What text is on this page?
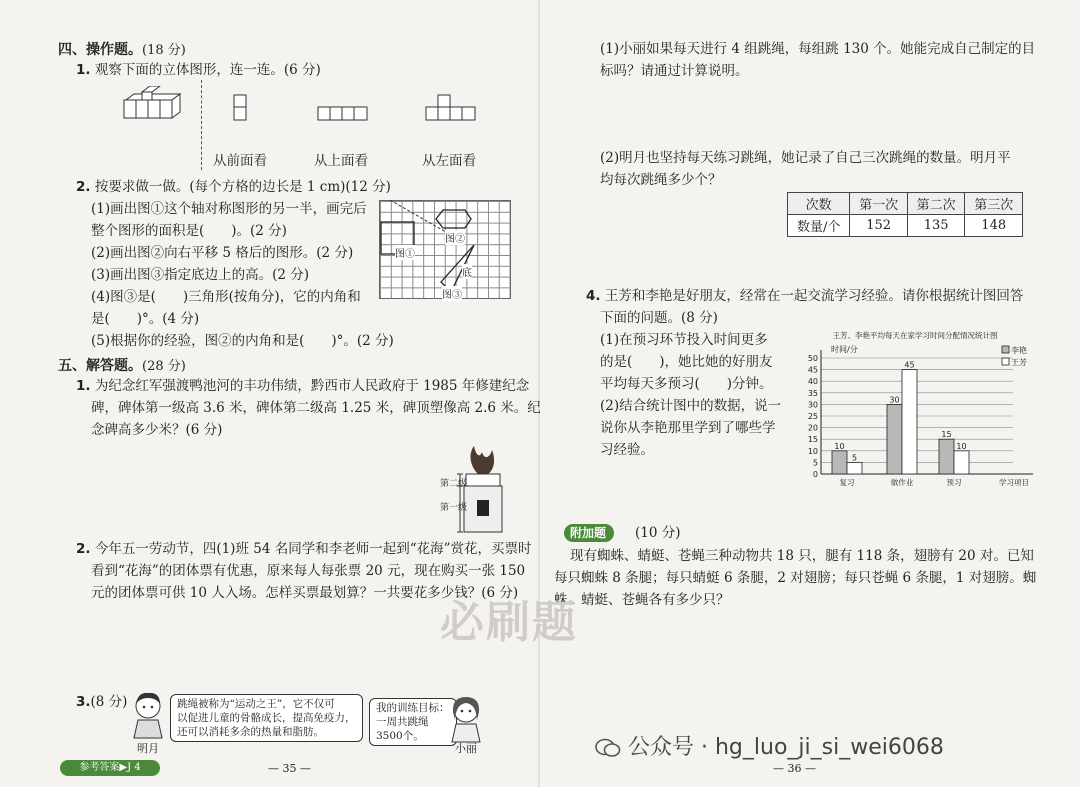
四、操作题。(18 分)
1. 观察下面的立体图形，连一连。(6 分)
从前面看	从上面看	从左面看
2. 按要求做一做。(每个方格的边长是 1 cm)(12 分)
(1)画出图①这个轴对称图形的另一半，画完后
整个图形的面积是(　　)。(2 分)
(2)画出图②向右平移 5 格后的图形。(2 分)
(3)画出图③指定底边上的高。(2 分)
(4)图③是(　　)三角形(按角分)，它的内角和
是(　　)°。(4 分)
(5)根据你的经验，图②的内角和是(　　)°。(2 分)
图①
图②
图③
底
五、解答题。(28 分)
1. 为纪念红军强渡鸭池河的丰功伟绩，黔西市人民政府于 1985 年修建纪念
碑，碑体第一级高 3.6 米，碑体第二级高 1.25 米，碑顶塑像高 2.6 米。纪
念碑高多少米？(6 分)
第二级
第一级
2. 今年五一劳动节，四(1)班 54 名同学和李老师一起到“花海”赏花，买票时
看到“花海”的团体票有优惠，原来每人每张票 20 元，现在购买一张 150
元的团体票可供 10 人入场。怎样买票最划算？一共要花多少钱？(6 分)
3.(8 分)	跳绳被称为“运动之王”，它不仅可
以促进儿童的骨骼成长，提高免疫力，
还可以消耗多余的热量和脂肪。
我的训练目标：
一周共跳绳
3500个。
明月	小丽
参考答案▶J 4	— 35 —
(1)小丽如果每天进行 4 组跳绳，每组跳 130 个。她能完成自己制定的目
标吗？请通过计算说明。
(2)明月也坚持每天练习跳绳，她记录了自己三次跳绳的数量。明月平
均每次跳绳多少个？
次数	第一次	第二次	第三次
数量/个	152	135	148
4. 王芳和李艳是好朋友，经常在一起交流学习经验。请你根据统计图回答
下面的问题。(8 分)
(1)在预习环节投入时间更多
的是(　　)，她比她的好朋友
平均每天多预习(　　)分钟。
(2)结合统计图中的数据，说一
说你从李艳那里学到了哪些学
习经验。
王芳、李艳平均每天在家学习时间分配情况统计图
时间/分
0
5
10
15
20
25
30
35
40
45
50
学习项目
10
5
复习
30
45
做作业
15
10
预习
李艳
王芳
附加题	(10 分)
现有蜘蛛、蜻蜓、苍蝇三种动物共 18 只，腿有 118 条，翅膀有 20 对。已知
每只蜘蛛 8 条腿；每只蜻蜓 6 条腿，2 对翅膀；每只苍蝇 6 条腿，1 对翅膀。蜘
蛛、蜻蜓、苍蝇各有多少只？
— 36 —
必刷题
公众号 · hg_luo_ji_si_wei6068
